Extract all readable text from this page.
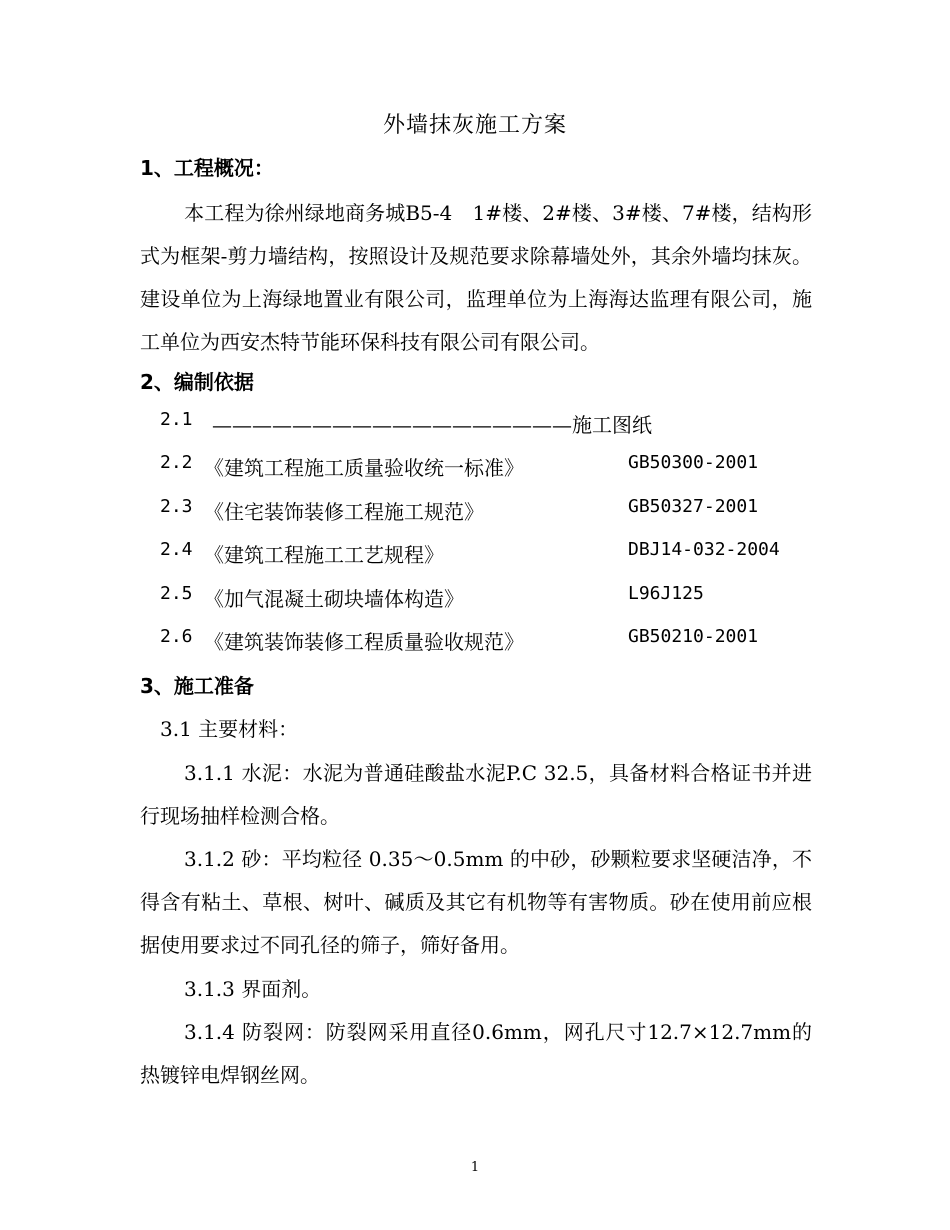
外墙抹灰施工方案
1、工程概况：

本工程为徐州绿地商务城B5-4　1#楼、2#楼、3#楼、7#楼，结构形式为框架-剪力墙结构，按照设计及规范要求除幕墙处外，其余外墙均抹灰。建设单位为上海绿地置业有限公司，监理单位为上海海达监理有限公司，施工单位为西安杰特节能环保科技有限公司有限公司。

2、编制依据
2.1 ——————————————————施工图纸
2.2 《建筑工程施工质量验收统一标准》	GB50300-2001
2.3 《住宅装饰装修工程施工规范》	GB50327-2001
2.4 《建筑工程施工工艺规程》	DBJ14-032-2004
2.5 《加气混凝土砌块墙体构造》	L96J125
2.6 《建筑装饰装修工程质量验收规范》	GB50210-2001
3、施工准备
3.1 主要材料：

3.1.1 水泥：水泥为普通硅酸盐水泥P.C 32.5，具备材料合格证书并进行现场抽样检测合格。

3.1.2 砂：平均粒径 0.35～0.5mm 的中砂，砂颗粒要求坚硬洁净，不得含有粘土、草根、树叶、碱质及其它有机物等有害物质。砂在使用前应根据使用要求过不同孔径的筛子，筛好备用。

3.1.3 界面剂。

3.1.4 防裂网：防裂网采用直径0.6mm，网孔尺寸12.7×12.7mm的热镀锌电焊钢丝网。

1
